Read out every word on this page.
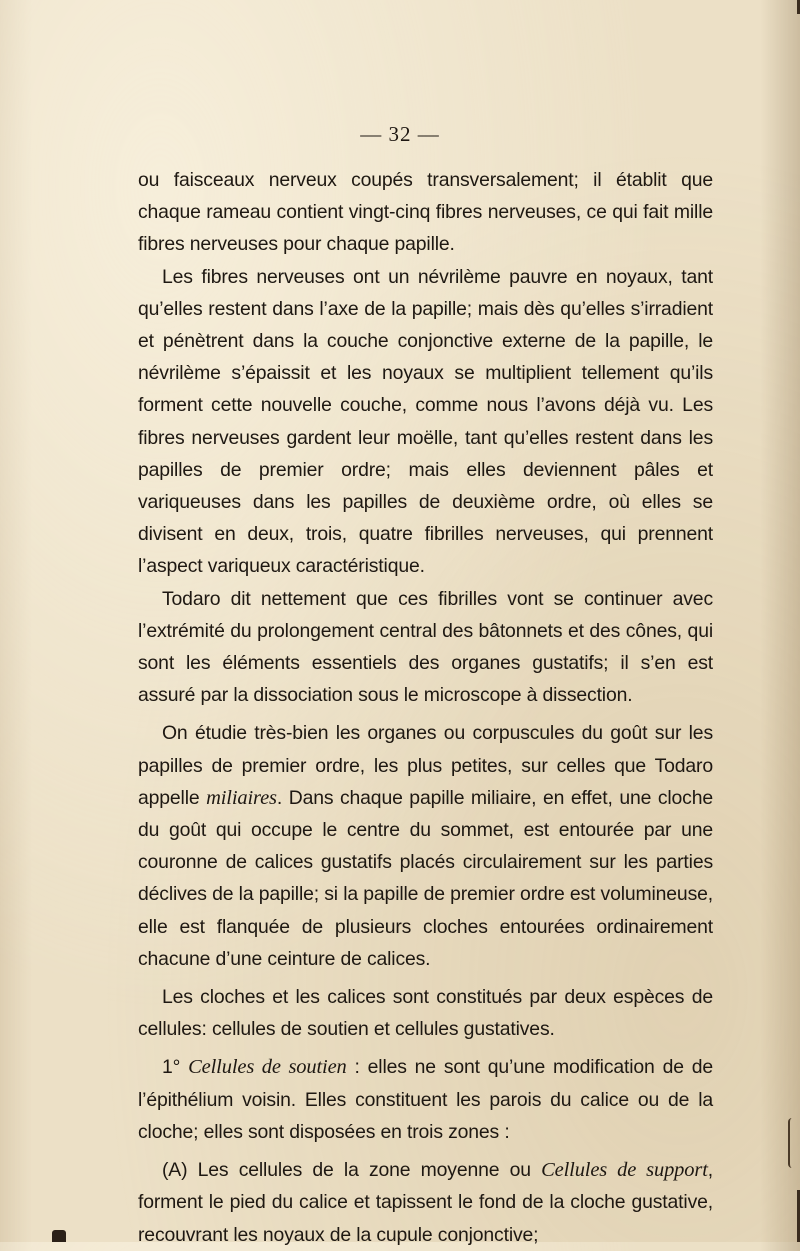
— 32 —

ou faisceaux nerveux coupés transversalement; il établit que chaque rameau contient vingt-cinq fibres nerveuses, ce qui fait mille fibres nerveuses pour chaque papille.

Les fibres nerveuses ont un névrilème pauvre en noyaux, tant qu’elles restent dans l’axe de la papille; mais dès qu’elles s’irradient et pénètrent dans la couche conjonctive externe de la papille, le névrilème s’épaissit et les noyaux se multiplient tellement qu’ils forment cette nouvelle couche, comme nous l’avons déjà vu. Les fibres nerveuses gardent leur moëlle, tant qu’elles restent dans les papilles de premier ordre; mais elles deviennent pâles et variqueuses dans les papilles de deuxième ordre, où elles se divisent en deux, trois, quatre fibrilles nerveuses, qui prennent l’aspect variqueux caractéristique.

Todaro dit nettement que ces fibrilles vont se continuer avec l’extrémité du prolongement central des bâtonnets et des cônes, qui sont les éléments essentiels des organes gustatifs; il s’en est assuré par la dissociation sous le microscope à dissection.

On étudie très-bien les organes ou corpuscules du goût sur les papilles de premier ordre, les plus petites, sur celles que Todaro appelle miliaires. Dans chaque papille miliaire, en effet, une cloche du goût qui occupe le centre du sommet, est entourée par une couronne de calices gustatifs placés circulairement sur les parties déclives de la papille; si la papille de premier ordre est volumineuse, elle est flanquée de plusieurs cloches entourées ordinairement chacune d’une ceinture de calices.

Les cloches et les calices sont constitués par deux espèces de cellules: cellules de soutien et cellules gustatives.

1° Cellules de soutien : elles ne sont qu’une modification de de l’épithélium voisin. Elles constituent les parois du calice ou de la cloche; elles sont disposées en trois zones :

(A) Les cellules de la zone moyenne ou Cellules de support, forment le pied du calice et tapissent le fond de la cloche gustative, recouvrant les noyaux de la cupule conjonctive;
